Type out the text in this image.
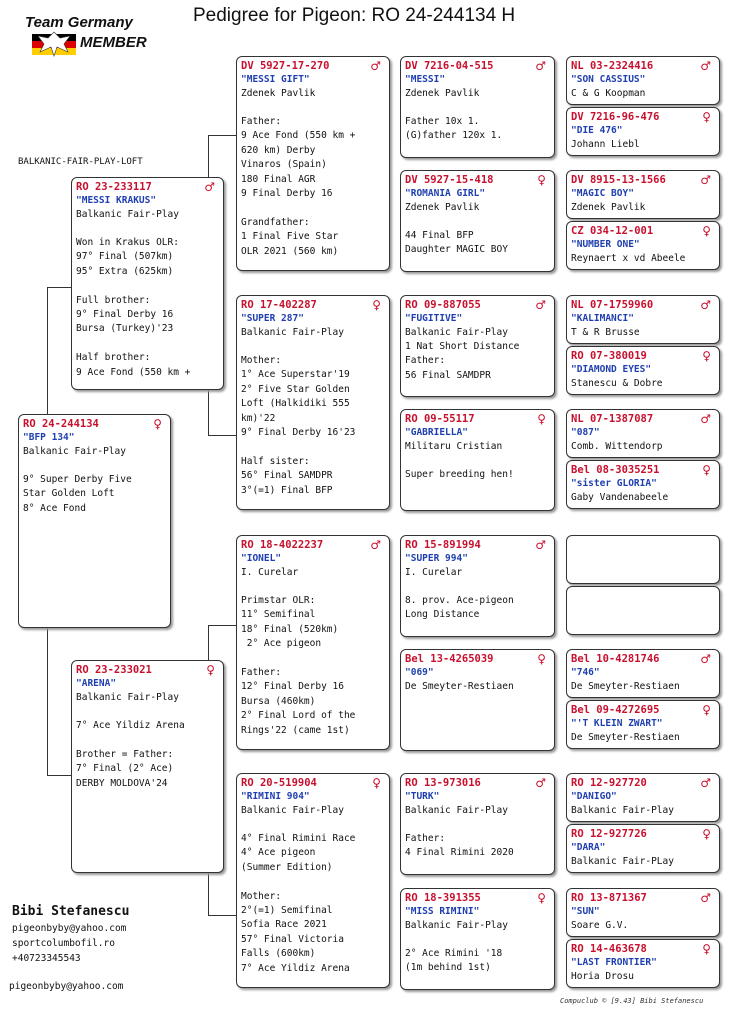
Pedigree for Pigeon: RO 24-244134 H
Team Germany
MEMBER
BALKANIC-FAIR-PLAY-LOFT
RO 24-244134	♀
"BFP 134"
Balkanic Fair-Play
9° Super Derby Five
Star Golden Loft
8° Ace Fond
RO 23-233117	♂
"MESSI KRAKUS"
Balkanic Fair-Play
Won in Krakus OLR:
97° Final (507km)
95° Extra (625km)

Full brother:
9° Final Derby 16
Bursa (Turkey)'23

Half brother:
9 Ace Fond (550 km +
RO 23-233021	♀
"ARENA"
Balkanic Fair-Play
7° Ace Yildiz Arena

Brother = Father:
7° Final (2° Ace)
DERBY MOLDOVA'24
DV 5927-17-270	♂
"MESSI GIFT"
Zdenek Pavlik
Father:
9 Ace Fond (550 km +
620 km) Derby
Vinaros (Spain)
180 Final AGR
9 Final Derby 16

Grandfather:
1 Final Five Star
OLR 2021 (560 km)
RO 17-402287	♀
"SUPER 287"
Balkanic Fair-Play
Mother:
1° Ace Superstar'19
2° Five Star Golden
Loft (Halkidiki 555
km)'22
9° Final Derby 16'23

Half sister:
56° Final SAMDPR
3°(=1) Final BFP
RO 18-4022237	♂
"IONEL"
I. Curelar
Primstar OLR:
11° Semifinal
18° Final (520km)
2° Ace pigeon

Father:
12° Final Derby 16
Bursa (460km)
2° Final Lord of the
Rings'22 (came 1st)
RO 20-519904	♀
"RIMINI 904"
Balkanic Fair-Play
4° Final Rimini Race
4° Ace pigeon
(Summer Edition)

Mother:
2°(=1) Semifinal
Sofia Race 2021
57° Final Victoria
Falls (600km)
7° Ace Yildiz Arena
DV 7216-04-515	♂
"MESSI"
Zdenek Pavlik
Father 10x 1.
(G)father 120x 1.
DV 5927-15-418	♀
"ROMANIA GIRL"
Zdenek Pavlik
44 Final BFP
Daughter MAGIC BOY
RO 09-887055	♂
"FUGITIVE"
Balkanic Fair-Play
1 Nat Short Distance
Father:
56 Final SAMDPR
RO 09-55117	♀
"GABRIELLA"
Militaru Cristian
Super breeding hen!
RO 15-891994	♂
"SUPER 994"
I. Curelar
8. prov. Ace-pigeon
Long Distance
Bel 13-4265039	♀
"069"
De Smeyter-Restiaen
RO 13-973016	♂
"TURK"
Balkanic Fair-Play
Father:
4 Final Rimini 2020
RO 18-391355	♀
"MISS RIMINI"
Balkanic Fair-Play
2° Ace Rimini '18
(1m behind 1st)
NL 03-2324416	♂
"SON CASSIUS"
C & G Koopman
DV 7216-96-476	♀
"DIE 476"
Johann Liebl
DV 8915-13-1566	♂
"MAGIC BOY"
Zdenek Pavlik
CZ 034-12-001	♀
"NUMBER ONE"
Reynaert x vd Abeele
NL 07-1759960	♂
"KALIMANCI"
T & R Brusse
RO 07-380019	♀
"DIAMOND EYES"
Stanescu & Dobre
NL 07-1387087	♂
"087"
Comb. Wittendorp
Bel 08-3035251	♀
"sister GLORIA"
Gaby Vandenabeele
Bel 10-4281746	♂
"746"
De Smeyter-Restiaen
Bel 09-4272695	♀
"'T KLEIN ZWART"
De Smeyter-Restiaen
RO 12-927720	♂
"DANIGO"
Balkanic Fair-Play
RO 12-927726	♀
"DARA"
Balkanic Fair-PLay
RO 13-871367	♂
"SUN"
Soare G.V.
RO 14-463678	♀
"LAST FRONTIER"
Horia Drosu
Bibi Stefanescu
pigeonbyby@yahoo.com
sportcolumbofil.ro
+40723345543
pigeonbyby@yahoo.com
Compuclub © [9.43] Bibi Stefanescu
